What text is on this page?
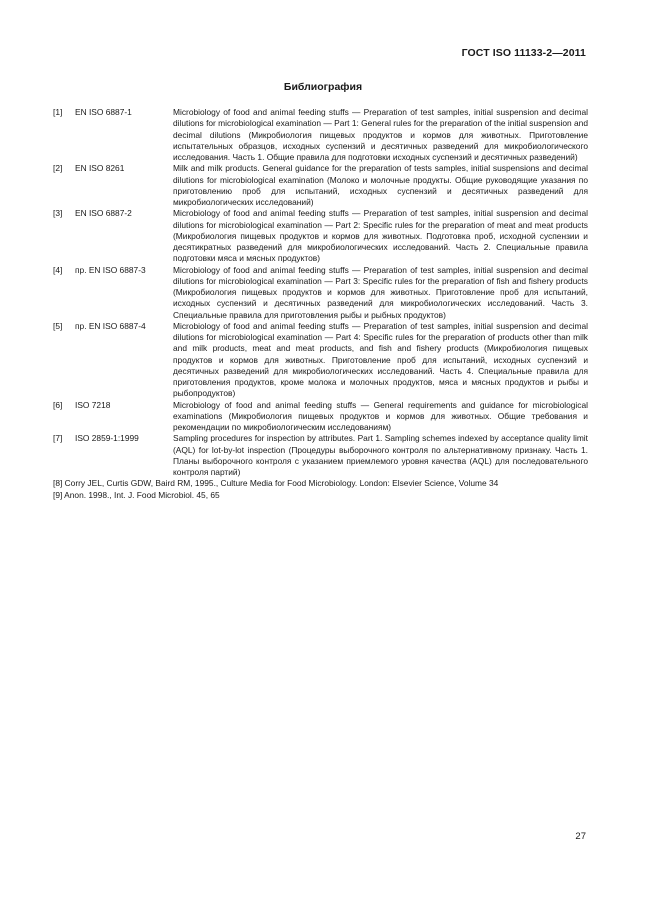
ГОСТ ISO 11133-2—2011
Библиография
[1]	EN ISO 6887-1	Microbiology of food and animal feeding stuffs — Preparation of test samples, initial suspension and decimal dilutions for microbiological examination — Part 1: General rules for the preparation of the initial suspension and decimal dilutions (Микробиология пищевых продуктов и кормов для животных. Приготовление испытательных образцов, исходных суспензий и десятичных разведений для микробиологического исследования. Часть 1. Общие правила для подготовки исходных суспензий и десятичных разведений)
[2]	EN ISO 8261	Milk and milk products. General guidance for the preparation of tests samples, initial suspensions and decimal dilutions for microbiological examination (Молоко и молочные продукты. Общие руководящие указания по приготовлению проб для испытаний, исходных суспензий и десятичных разведений для микробиологических исследований)
[3]	EN ISO 6887-2	Microbiology of food and animal feeding stuffs — Preparation of test samples, initial suspension and decimal dilutions for microbiological examination — Part 2: Specific rules for the preparation of meat and meat products (Микробиология пищевых продуктов и кормов для животных. Подготовка проб, исходной суспензии и десятикратных разведений для микробиологических исследований. Часть 2. Специальные правила подготовки мяса и мясных продуктов)
[4]	пр. EN ISO 6887-3	Microbiology of food and animal feeding stuffs — Preparation of test samples, initial suspension and decimal dilutions for microbiological examination — Part 3: Specific rules for the preparation of fish and fishery products (Микробиология пищевых продуктов и кормов для животных. Приготовление проб для испытаний, исходных суспензий и десятичных разведений для микробиологических исследований. Часть 3. Специальные правила для приготовления рыбы и рыбных продуктов)
[5]	пр. EN ISO 6887-4	Microbiology of food and animal feeding stuffs — Preparation of test samples, initial suspension and decimal dilutions for microbiological examination — Part 4: Specific rules for the preparation of products other than milk and milk products, meat and meat products, and fish and fishery products (Микробиология пищевых продуктов и кормов для животных. Приготовление проб для испытаний, исходных суспензий и десятичных разведений для микробиологических исследований. Часть 4. Специальные правила для приготовления продуктов, кроме молока и молочных продуктов, мяса и мясных продуктов и рыбы и рыбопродуктов)
[6]	ISO 7218	Microbiology of food and animal feeding stuffs — General requirements and guidance for microbiological examinations (Микробиология пищевых продуктов и кормов для животных. Общие требования и рекомендации по микробиологическим исследованиям)
[7]	ISO 2859-1:1999	Sampling procedures for inspection by attributes. Part 1. Sampling schemes indexed by acceptance quality limit (AQL) for lot-by-lot inspection (Процедуры выборочного контроля по альтернативному признаку. Часть 1. Планы выборочного контроля с указанием приемлемого уровня качества (AQL) для последовательного контроля партий)
[8] Corry JEL, Curtis GDW, Baird RM, 1995., Culture Media for Food Microbiology. London: Elsevier Science, Volume 34
[9] Anon. 1998., Int. J. Food Microbiol. 45, 65
27
